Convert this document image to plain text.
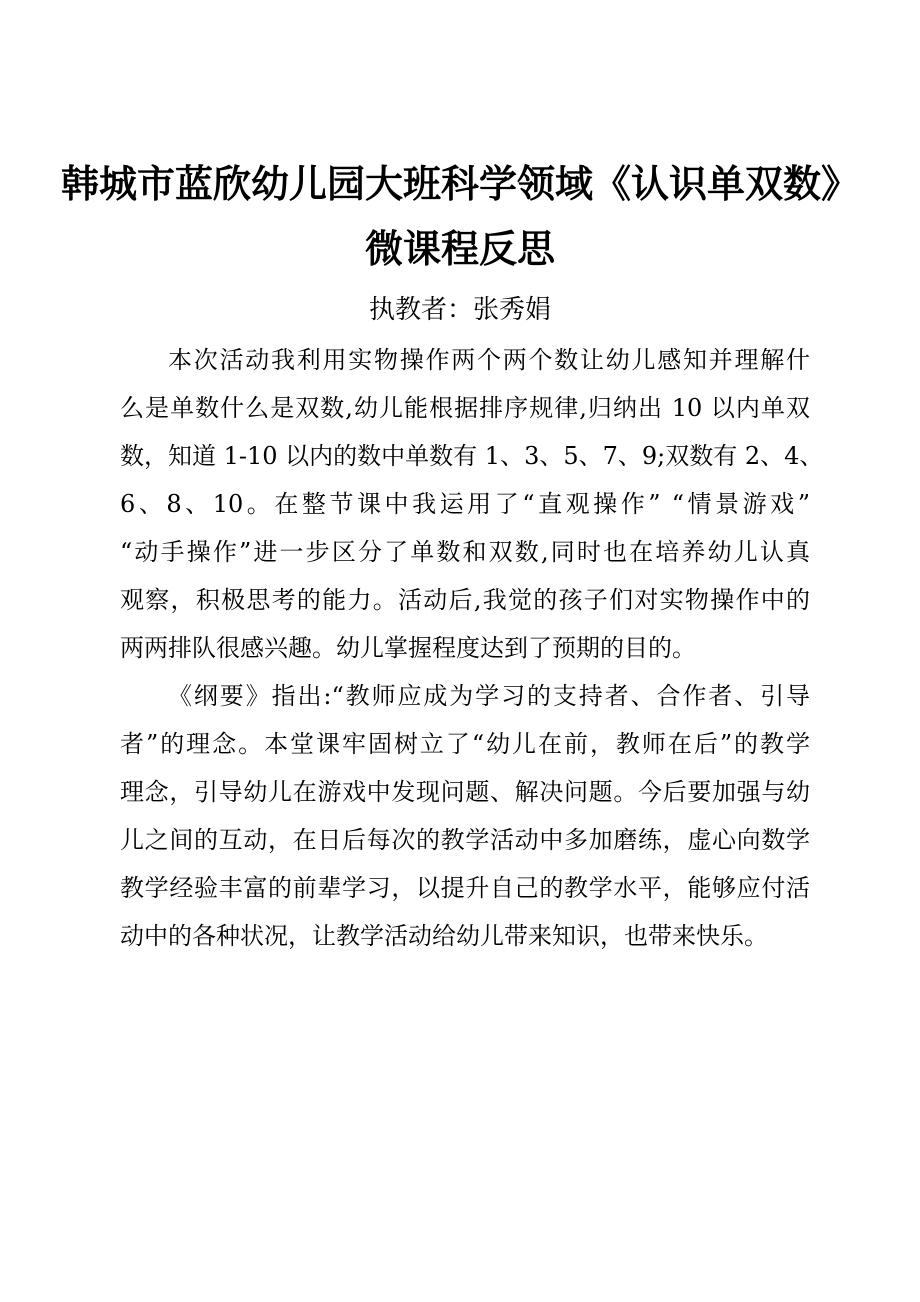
韩城市蓝欣幼儿园大班科学领域《认识单双数》
微课程反思
执教者：张秀娟
本次活动我利用实物操作两个两个数让幼儿感知并理解什
么是单数什么是双数,幼儿能根据排序规律,归纳出 10 以内单双
数，知道 1-10 以内的数中单数有 1、3、5、7、9;双数有 2、4、
6、8、10。在整节课中我运用了“直观操作” “情景游戏”
“动手操作”进一步区分了单数和双数,同时也在培养幼儿认真
观察，积极思考的能力。活动后,我觉的孩子们对实物操作中的
两两排队很感兴趣。幼儿掌握程度达到了预期的目的。
《纲要》指出:“教师应成为学习的支持者、合作者、引导
者”的理念。本堂课牢固树立了“幼儿在前，教师在后”的教学
理念，引导幼儿在游戏中发现问题、解决问题。今后要加强与幼
儿之间的互动，在日后每次的教学活动中多加磨练，虚心向数学
教学经验丰富的前辈学习，以提升自己的教学水平，能够应付活
动中的各种状况，让教学活动给幼儿带来知识，也带来快乐。
